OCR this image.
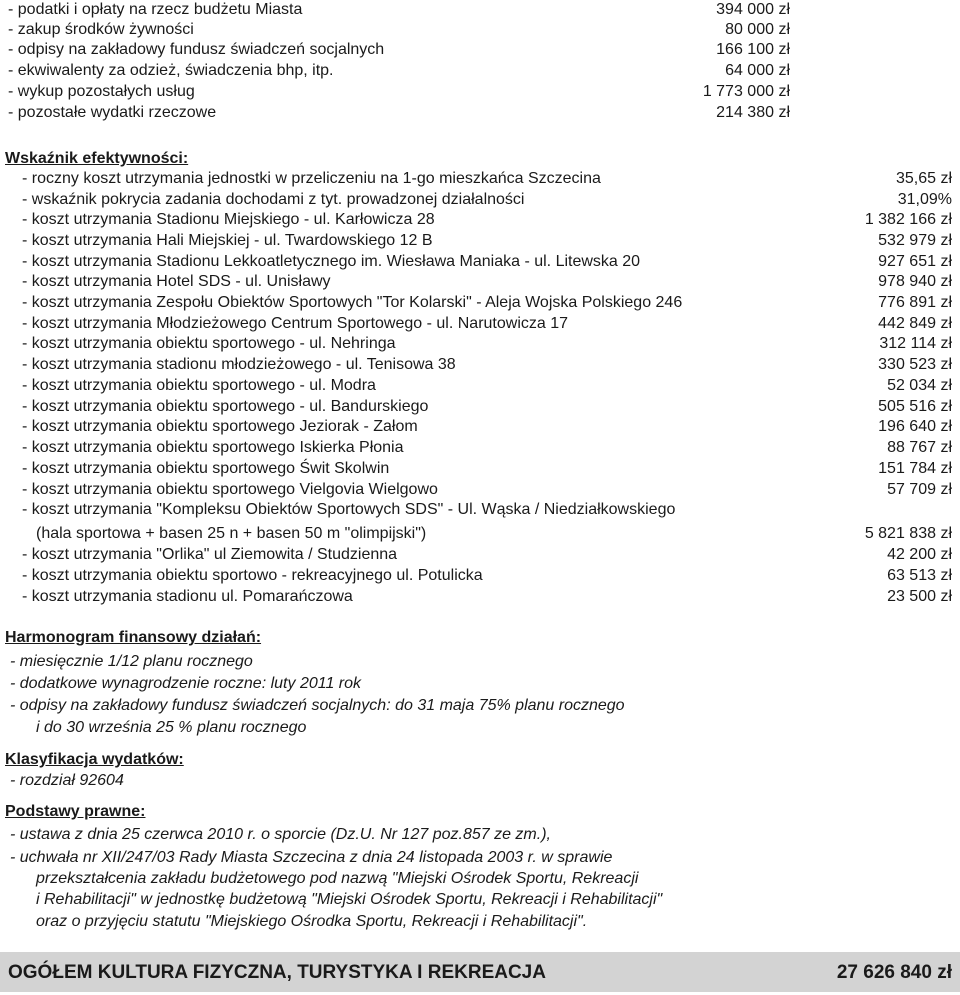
- podatki i opłaty na rzecz budżetu Miasta	394 000 zł
- zakup środków żywności	80 000 zł
- odpisy na zakładowy fundusz świadczeń socjalnych	166 100 zł
- ekwiwalenty za odzież, świadczenia bhp, itp.	64 000 zł
- wykup pozostałych usług	1 773 000 zł
- pozostałe wydatki rzeczowe	214 380 zł
Wskaźnik efektywności:
- roczny koszt utrzymania jednostki w przeliczeniu na 1-go mieszkańca Szczecina	35,65 zł
- wskaźnik pokrycia zadania dochodami z tyt. prowadzonej działalności	31,09%
- koszt utrzymania Stadionu Miejskiego - ul. Karłowicza 28	1 382 166 zł
- koszt utrzymania Hali Miejskiej - ul. Twardowskiego 12 B	532 979 zł
- koszt utrzymania Stadionu Lekkoatletycznego im. Wiesława Maniaka - ul. Litewska 20	927 651 zł
- koszt utrzymania Hotel SDS - ul. Unisławy	978 940 zł
- koszt utrzymania Zespołu Obiektów Sportowych "Tor Kolarski" - Aleja Wojska Polskiego 246	776 891 zł
- koszt utrzymania Młodzieżowego Centrum Sportowego - ul. Narutowicza 17	442 849 zł
- koszt utrzymania obiektu sportowego - ul. Nehringa	312 114 zł
- koszt utrzymania stadionu młodzieżowego - ul. Tenisowa 38	330 523 zł
- koszt utrzymania obiektu sportowego - ul. Modra	52 034 zł
- koszt utrzymania obiektu sportowego - ul. Bandurskiego	505 516 zł
- koszt utrzymania obiektu sportowego Jeziorak - Załom	196 640 zł
- koszt utrzymania obiektu sportowego Iskierka Płonia	88 767 zł
- koszt utrzymania obiektu sportowego Świt Skolwin	151 784 zł
- koszt utrzymania obiektu sportowego Vielgovia Wielgowo	57 709 zł
- koszt utrzymania "Kompleksu Obiektów Sportowych SDS" - Ul. Wąska / Niedziałkowskiego
(hala sportowa + basen 25 n + basen 50 m "olimpijski")	5 821 838 zł
- koszt utrzymania "Orlika" ul Ziemowita / Studzienna	42 200 zł
- koszt utrzymania obiektu sportowo - rekreacyjnego ul. Potulicka	63 513 zł
- koszt utrzymania stadionu ul. Pomarańczowa	23 500 zł
Harmonogram finansowy działań:
- miesięcznie 1/12 planu rocznego
- dodatkowe wynagrodzenie roczne: luty 2011 rok
- odpisy na zakładowy fundusz świadczeń socjalnych: do 31 maja 75% planu rocznego
i do 30 września 25 % planu rocznego
Klasyfikacja wydatków:
- rozdział 92604
Podstawy prawne:
- ustawa z dnia 25 czerwca 2010 r. o sporcie (Dz.U. Nr 127 poz.857 ze zm.),
- uchwała nr XII/247/03 Rady Miasta Szczecina z dnia 24 listopada 2003 r. w sprawie
przekształcenia zakładu budżetowego pod nazwą "Miejski Ośrodek Sportu, Rekreacji
i Rehabilitacji" w jednostkę budżetową "Miejski Ośrodek Sportu, Rekreacji i Rehabilitacji"
oraz o przyjęciu statutu "Miejskiego Ośrodka Sportu, Rekreacji i Rehabilitacji".
OGÓŁEM KULTURA FIZYCZNA, TURYSTYKA I REKREACJA	27 626 840 zł
